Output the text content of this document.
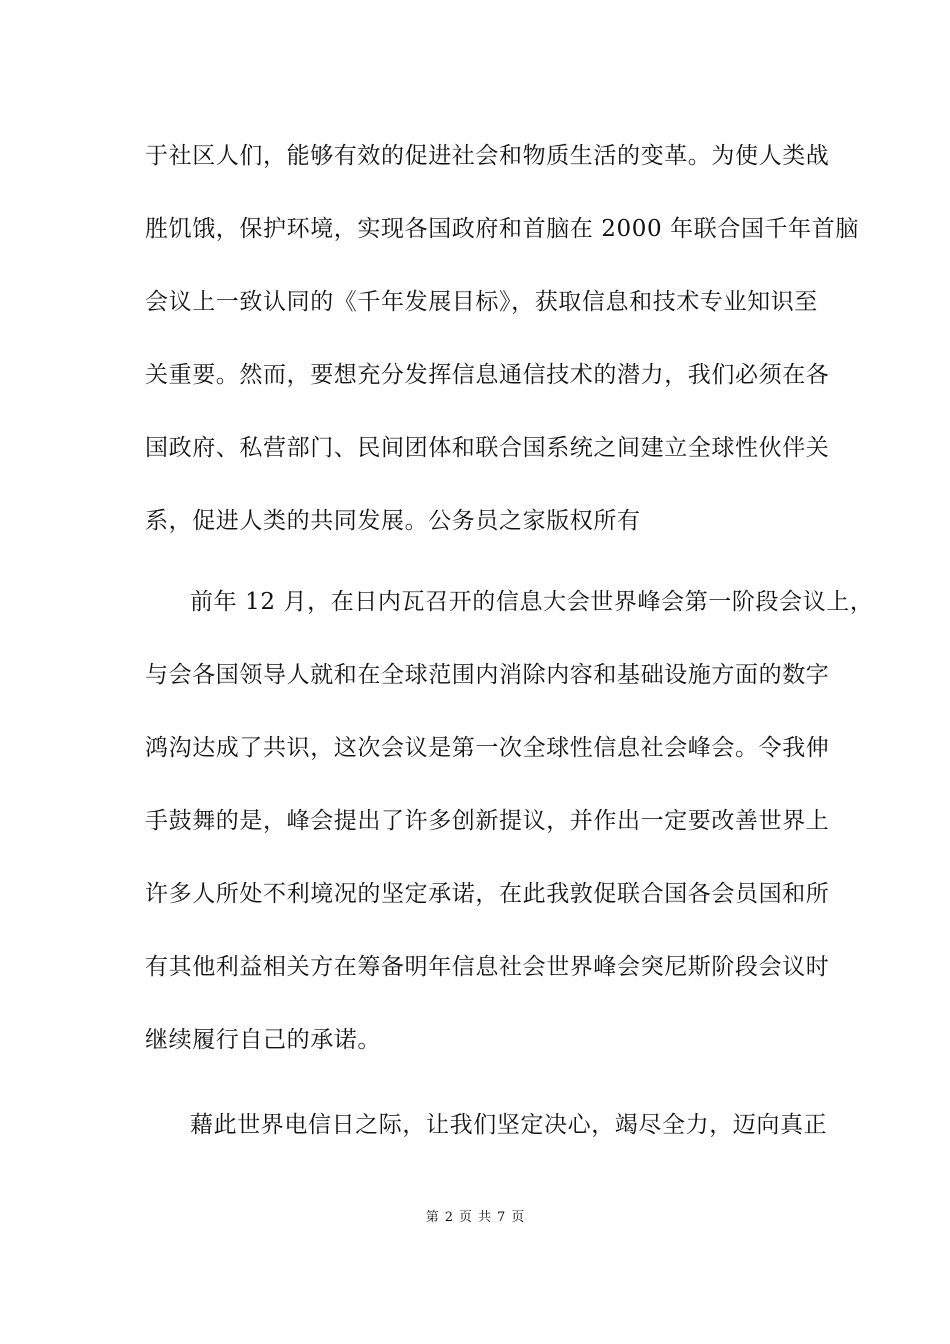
于社区人们，能够有效的促进社会和物质生活的变革。为使人类战
胜饥饿，保护环境，实现各国政府和首脑在 2000 年联合国千年首脑
会议上一致认同的《千年发展目标》，获取信息和技术专业知识至
关重要。然而，要想充分发挥信息通信技术的潜力，我们必须在各
国政府、私营部门、民间团体和联合国系统之间建立全球性伙伴关
系，促进人类的共同发展。公务员之家版权所有
前年 12 月，在日内瓦召开的信息大会世界峰会第一阶段会议上，
与会各国领导人就和在全球范围内消除内容和基础设施方面的数字
鸿沟达成了共识，这次会议是第一次全球性信息社会峰会。令我伸
手鼓舞的是，峰会提出了许多创新提议，并作出一定要改善世界上
许多人所处不利境况的坚定承诺，在此我敦促联合国各会员国和所
有其他利益相关方在筹备明年信息社会世界峰会突尼斯阶段会议时
继续履行自己的承诺。
藉此世界电信日之际，让我们坚定决心，竭尽全力，迈向真正
第 2 页 共 7 页
